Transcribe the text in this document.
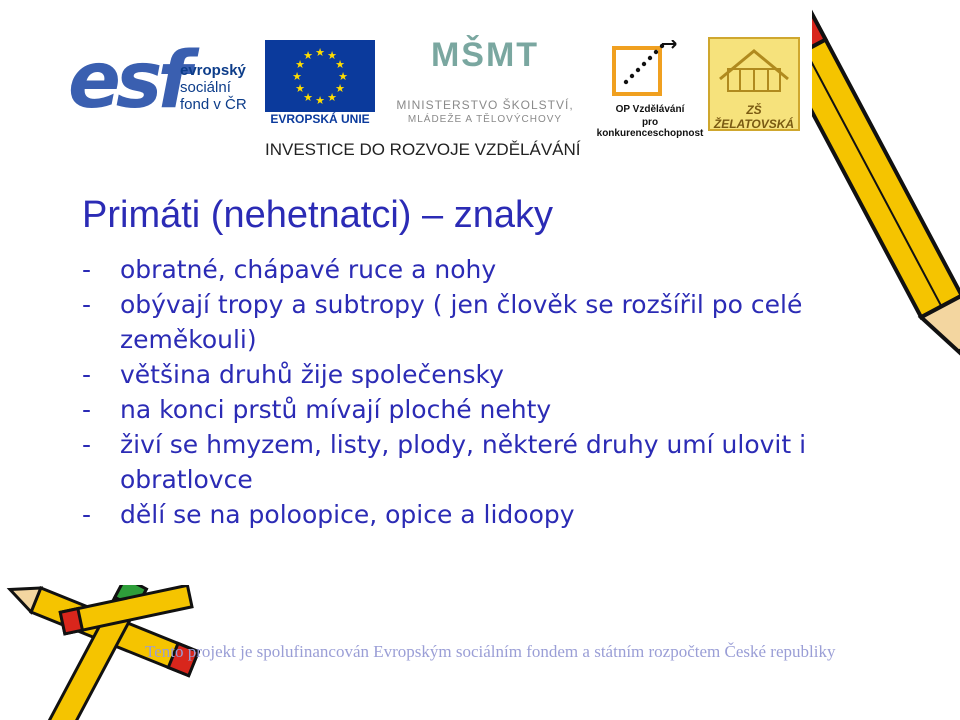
esf
evropský
sociální
fond v ČR
★ ★
★
★
★
★
★
★
★
★
★
★
EVROPSKÁ UNIE
MŠMT
MINISTERSTVO ŠKOLSTVÍ,
MLÁDEŽE A TĚLOVÝCHOVY
OP Vzdělávání
pro konkurenceschopnost
ZŠ ŽELATOVSKÁ
INVESTICE DO ROZVOJE VZDĚLÁVÁNÍ
Primáti (nehetnatci) – znaky
- obratné, chápavé ruce a nohy
- obývají tropy a subtropy ( jen člověk se rozšířil po celé zeměkouli)
- většina druhů žije společensky
- na konci prstů mívají ploché nehty
- živí se hmyzem, listy, plody, některé druhy umí ulovit i obratlovce
- dělí se na poloopice, opice a lidoopy
Tento projekt je spolufinancován Evropským sociálním fondem a státním rozpočtem České republiky
